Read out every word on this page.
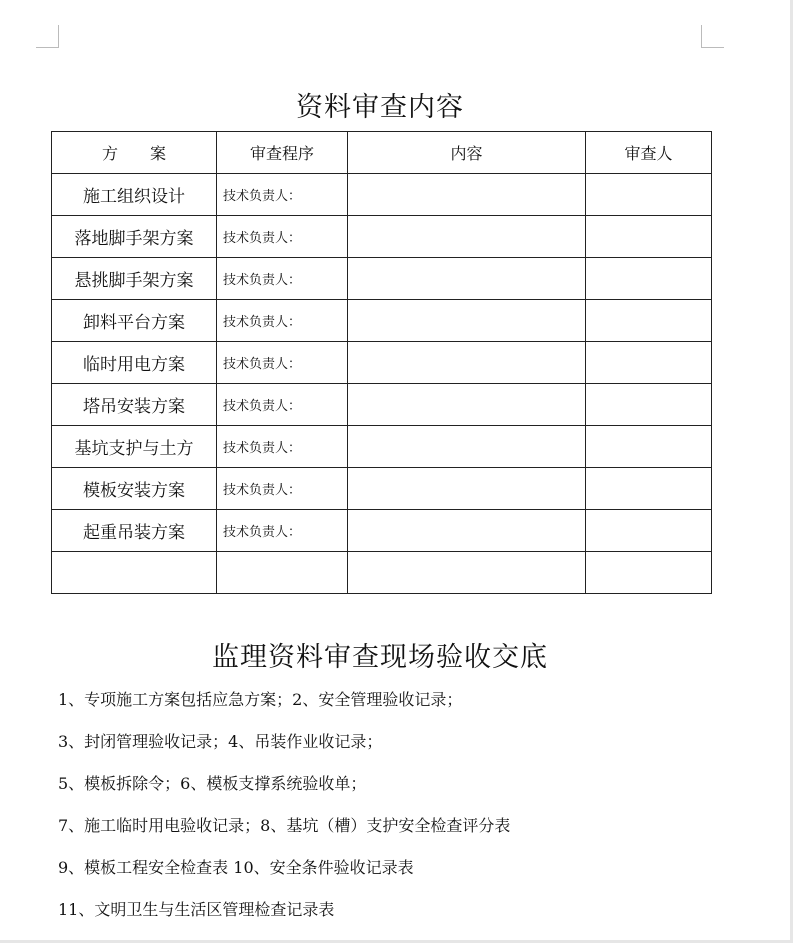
资料审查内容
方　　案	审查程序	内容	审查人
施工组织设计	技术负责人：		
落地脚手架方案	技术负责人：		
悬挑脚手架方案	技术负责人：		
卸料平台方案	技术负责人：		
临时用电方案	技术负责人：		
塔吊安装方案	技术负责人：		
基坑支护与土方	技术负责人：		
模板安装方案	技术负责人：		
起重吊装方案	技术负责人：		

监理资料审查现场验收交底
1、专项施工方案包括应急方案；2、安全管理验收记录；
3、封闭管理验收记录；4、吊装作业收记录；
5、模板拆除令；6、模板支撑系统验收单；
7、施工临时用电验收记录；8、基坑（槽）支护安全检查评分表
9、模板工程安全检查表 10、安全条件验收记录表
11、文明卫生与生活区管理检查记录表
